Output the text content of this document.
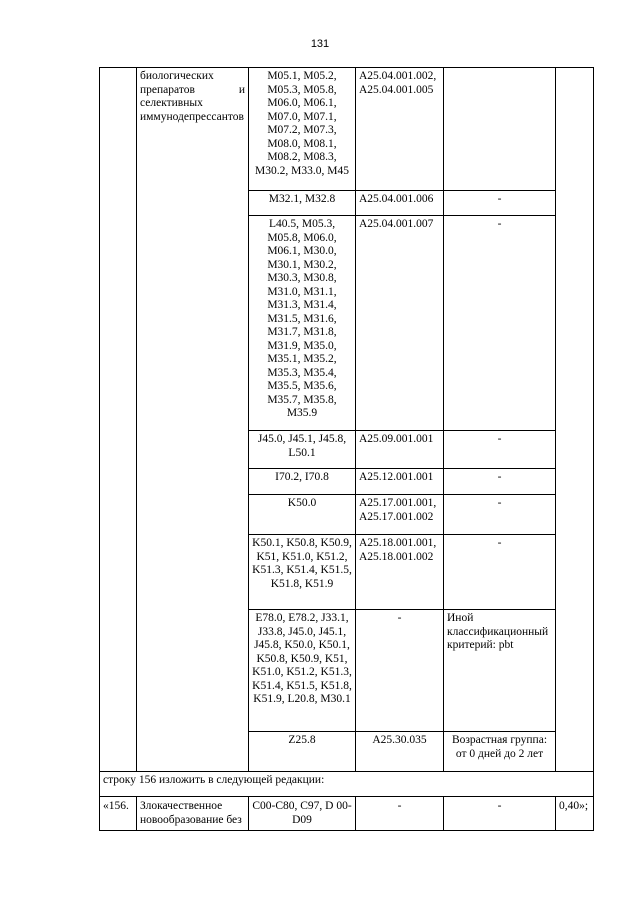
131
	биологических препаратов и селективных иммунодепрессантов	M05.1, M05.2, M05.3, M05.8, M06.0, M06.1, M07.0, M07.1, M07.2, M07.3, M08.0, M08.1, M08.2, M08.3, M30.2, M33.0, M45	A25.04.001.002, A25.04.001.005		
		M32.1, M32.8	A25.04.001.006	-	
		L40.5, M05.3, M05.8, M06.0, M06.1, M30.0, M30.1, M30.2, M30.3, M30.8, M31.0, M31.1, M31.3, M31.4, M31.5, M31.6, M31.7, M31.8, M31.9, M35.0, M35.1, M35.2, M35.3, M35.4, M35.5, M35.6, M35.7, M35.8, M35.9	A25.04.001.007	-	
		J45.0, J45.1, J45.8, L50.1	A25.09.001.001	-	
		I70.2, I70.8	A25.12.001.001	-	
		K50.0	A25.17.001.001, A25.17.001.002	-	
		K50.1, K50.8, K50.9, K51, K51.0, K51.2, K51.3, K51.4, K51.5, K51.8, K51.9	A25.18.001.001, A25.18.001.002	-	
		E78.0, E78.2, J33.1, J33.8, J45.0, J45.1, J45.8, K50.0, K50.1, K50.8, K50.9, K51, K51.0, K51.2, K51.3, K51.4, K51.5, K51.8, K51.9, L20.8, M30.1	-	Иной классификационный критерий: pbt	
		Z25.8	A25.30.035	Возрастная группа: от 0 дней до 2 лет	
строку 156 изложить в следующей редакции:					
«156.	Злокачественное новообразование без	C00-C80, C97, D 00-D09	-	-	0,40»;
